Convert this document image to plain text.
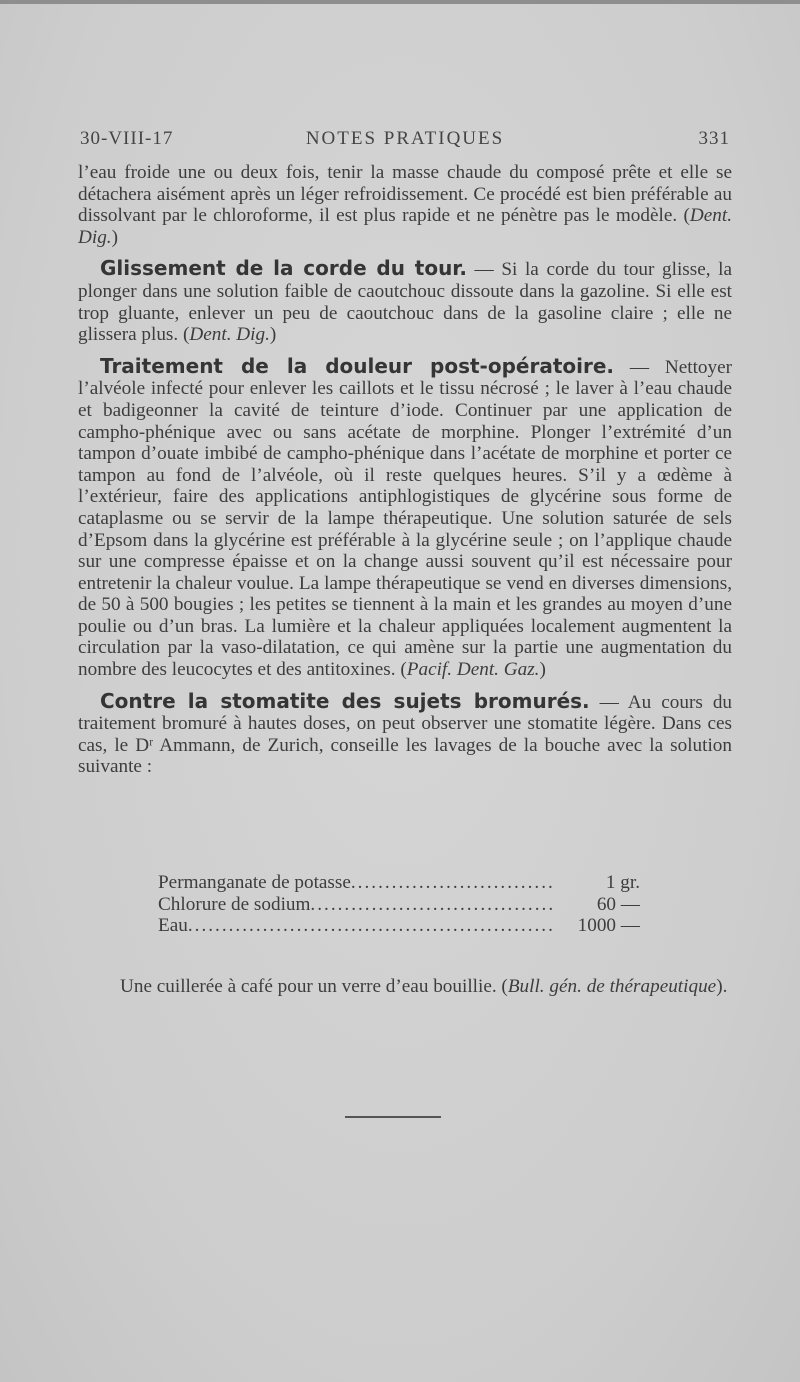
30-VIII-17	NOTES PRATIQUES	331

l’eau froide une ou deux fois, tenir la masse chaude du composé prête et elle se détachera aisément après un léger refroidissement. Ce procédé est bien préférable au dissolvant par le chloroforme, il est plus rapide et ne pénètre pas le modèle. (Dent. Dig.)

Glissement de la corde du tour. — Si la corde du tour glisse, la plonger dans une solution faible de caoutchouc dissoute dans la gazoline. Si elle est trop gluante, enlever un peu de caoutchouc dans de la gasoline claire ; elle ne glissera plus. (Dent. Dig.)

Traitement de la douleur post-opératoire. — Nettoyer l’alvéole infecté pour enlever les caillots et le tissu nécrosé ; le laver à l’eau chaude et badigeonner la cavité de teinture d’iode. Continuer par une application de campho-phénique avec ou sans acétate de morphine. Plonger l’extrémité d’un tampon d’ouate imbibé de campho-phénique dans l’acétate de morphine et porter ce tampon au fond de l’alvéole, où il reste quelques heures. S’il y a œdème à l’extérieur, faire des applications antiphlogistiques de glycérine sous forme de cataplasme ou se servir de la lampe thérapeutique. Une solution saturée de sels d’Epsom dans la glycérine est préférable à la glycérine seule ; on l’applique chaude sur une compresse épaisse et on la change aussi souvent qu’il est nécessaire pour entretenir la chaleur voulue. La lampe thérapeutique se vend en diverses dimensions, de 50 à 500 bougies ; les petites se tiennent à la main et les grandes au moyen d’une poulie ou d’un bras. La lumière et la chaleur appliquées localement augmentent la circulation par la vaso-dilatation, ce qui amène sur la partie une augmentation du nombre des leucocytes et des antitoxines. (Pacif. Dent. Gaz.)

Contre la stomatite des sujets bromurés. — Au cours du traitement bromuré à hautes doses, on peut observer une stomatite légère. Dans ces cas, le Dʳ Ammann, de Zurich, conseille les lavages de la bouche avec la solution suivante :

Permanganate de potasse .....	1 gr.
Chlorure de sodium .....	60 —
Eau .....	1000 —

Une cuillerée à café pour un verre d’eau bouillie. (Bull. gén. de thérapeutique).
